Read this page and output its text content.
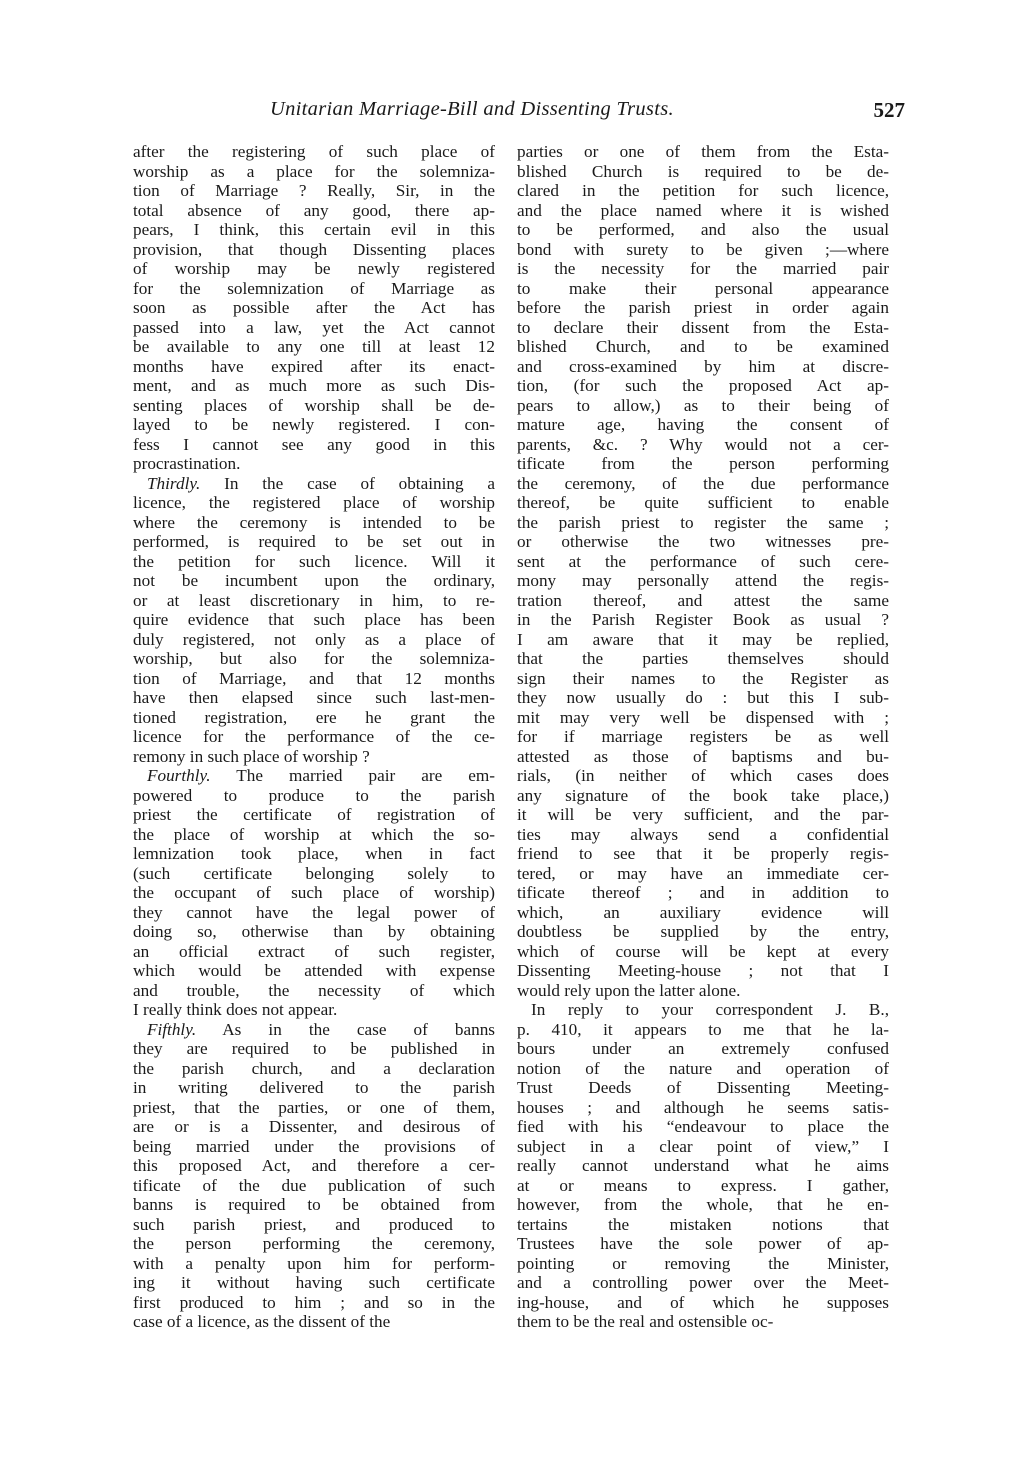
Unitarian Marriage-Bill and Dissenting Trusts.	527
after the registering of such place of
worship as a place for the solemniza-
tion of Marriage ? Really, Sir, in the
total absence of any good, there ap-
pears, I think, this certain evil in this
provision, that though Dissenting places
of worship may be newly registered
for the solemnization of Marriage as
soon as possible after the Act has
passed into a law, yet the Act cannot
be available to any one till at least 12
months have expired after its enact-
ment, and as much more as such Dis-
senting places of worship shall be de-
layed to be newly registered. I con-
fess I cannot see any good in this
procrastination.
Thirdly. In the case of obtaining a
licence, the registered place of worship
where the ceremony is intended to be
performed, is required to be set out in
the petition for such licence. Will it
not be incumbent upon the ordinary,
or at least discretionary in him, to re-
quire evidence that such place has been
duly registered, not only as a place of
worship, but also for the solemniza-
tion of Marriage, and that 12 months
have then elapsed since such last-men-
tioned registration, ere he grant the
licence for the performance of the ce-
remony in such place of worship ?
Fourthly. The married pair are em-
powered to produce to the parish
priest the certificate of registration of
the place of worship at which the so-
lemnization took place, when in fact
(such certificate belonging solely to
the occupant of such place of worship)
they cannot have the legal power of
doing so, otherwise than by obtaining
an official extract of such register,
which would be attended with expense
and trouble, the necessity of which
I really think does not appear.
Fifthly. As in the case of banns
they are required to be published in
the parish church, and a declaration
in writing delivered to the parish
priest, that the parties, or one of them,
are or is a Dissenter, and desirous of
being married under the provisions of
this proposed Act, and therefore a cer-
tificate of the due publication of such
banns is required to be obtained from
such parish priest, and produced to
the person performing the ceremony,
with a penalty upon him for perform-
ing it without having such certificate
first produced to him ; and so in the
case of a licence, as the dissent of the
parties or one of them from the Esta-
blished Church is required to be de-
clared in the petition for such licence,
and the place named where it is wished
to be performed, and also the usual
bond with surety to be given ;—where
is the necessity for the married pair
to make their personal appearance
before the parish priest in order again
to declare their dissent from the Esta-
blished Church, and to be examined
and cross-examined by him at discre-
tion, (for such the proposed Act ap-
pears to allow,) as to their being of
mature age, having the consent of
parents, &c. ? Why would not a cer-
tificate from the person performing
the ceremony, of the due performance
thereof, be quite sufficient to enable
the parish priest to register the same ;
or otherwise the two witnesses pre-
sent at the performance of such cere-
mony may personally attend the regis-
tration thereof, and attest the same
in the Parish Register Book as usual ?
I am aware that it may be replied,
that the parties themselves should
sign their names to the Register as
they now usually do : but this I sub-
mit may very well be dispensed with ;
for if marriage registers be as well
attested as those of baptisms and bu-
rials, (in neither of which cases does
any signature of the book take place,)
it will be very sufficient, and the par-
ties may always send a confidential
friend to see that it be properly regis-
tered, or may have an immediate cer-
tificate thereof ; and in addition to
which, an auxiliary evidence will
doubtless be supplied by the entry,
which of course will be kept at every
Dissenting Meeting-house ; not that I
would rely upon the latter alone.
In reply to your correspondent J. B.,
p. 410, it appears to me that he la-
bours under an extremely confused
notion of the nature and operation of
Trust Deeds of Dissenting Meeting-
houses ; and although he seems satis-
fied with his “endeavour to place the
subject in a clear point of view,” I
really cannot understand what he aims
at or means to express. I gather,
however, from the whole, that he en-
tertains the mistaken notions that
Trustees have the sole power of ap-
pointing or removing the Minister,
and a controlling power over the Meet-
ing-house, and of which he supposes
them to be the real and ostensible oc-
